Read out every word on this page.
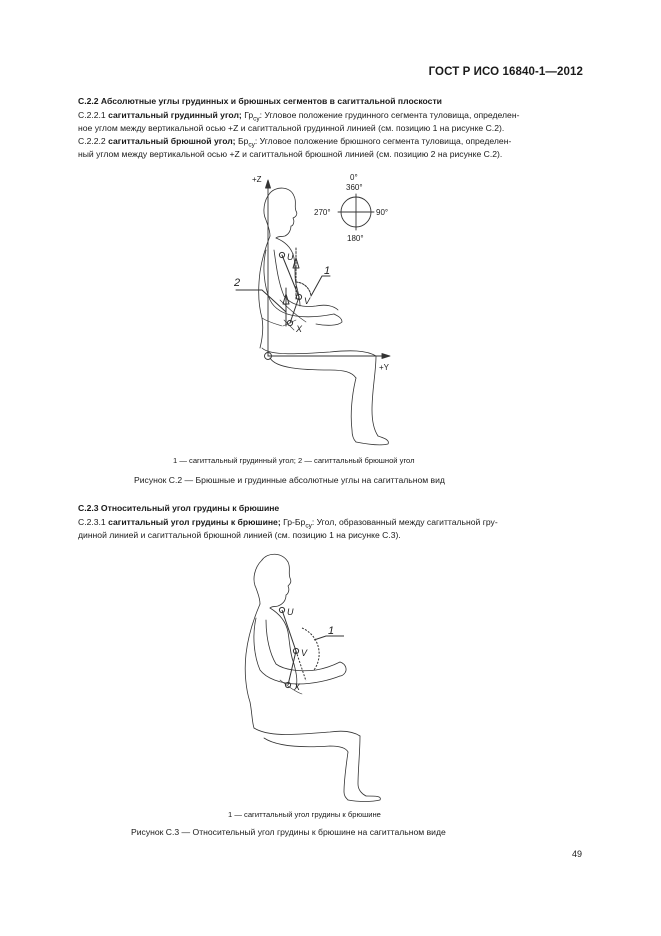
ГОСТ Р ИСО 16840-1—2012
С.2.2 Абсолютные углы грудинных и брюшных сегментов в сагиттальной плоскости
С.2.2.1 сагиттальный грудинный угол; $Гр_{cy}$: Угловое положение грудинного сегмента туловища, определен-
ное углом между вертикальной осью +Z и сагиттальной грудинной линией (см. позицию 1 на рисунке С.2).
С.2.2.2 сагиттальный брюшной угол; $Бр_{cy}$: Угловое положение брюшного сегмента туловища, определен-
ный углом между вертикальной осью +Z и сагиттальной брюшной линией (см. позицию 2 на рисунке С.2).
+Z
+Y
0°
360°
270°	90°
180°
U
V
X
1
2
1 — сагиттальный грудинный угол; 2 — сагиттальный брюшной угол
Рисунок С.2 — Брюшные и грудинные абсолютные углы на сагиттальном вид
С.2.3 Относительный угол грудины к брюшине
С.2.3.1 сагиттальный угол грудины к брюшине; $Гр-Бр_{cy}$: Угол, образованный между сагиттальной гру-
динной линией и сагиттальной брюшной линией (см. позицию 1 на рисунке С.3).
U
V
X
1
1 — сагиттальный угол грудины к брюшине
Рисунок С.3 — Относительный угол грудины к брюшине на сагиттальном виде
49
